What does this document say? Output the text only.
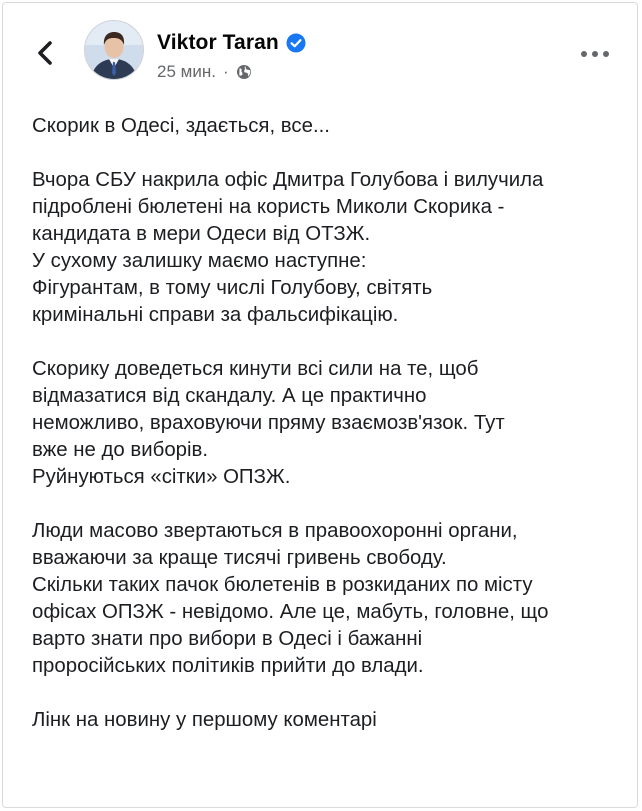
Viktor Taran
25 мин. ·

Скорик в Одесі, здається, все...

Вчора СБУ накрила офіс Дмитра Голубова і вилучила
підроблені бюлетені на користь Миколи Скорика -
кандидата в мери Одеси від ОТЗЖ.
У сухому залишку маємо наступне:
Фігурантам, в тому числі Голубову, світять
кримінальні справи за фальсифікацію.

Скорику доведеться кинути всі сили на те, щоб
відмазатися від скандалу. А це практично
неможливо, враховуючи пряму взаємозв'язок. Тут
вже не до виборів.
Руйнуються «сітки» ОПЗЖ.

Люди масово звертаються в правоохоронні органи,
вважаючи за краще тисячі гривень свободу.
Скільки таких пачок бюлетенів в розкиданих по місту
офісах ОПЗЖ - невідомо. Але це, мабуть, головне, що
варто знати про вибори в Одесі і бажанні
проросійських політиків прийти до влади.

Лінк на новину у першому коментарі
